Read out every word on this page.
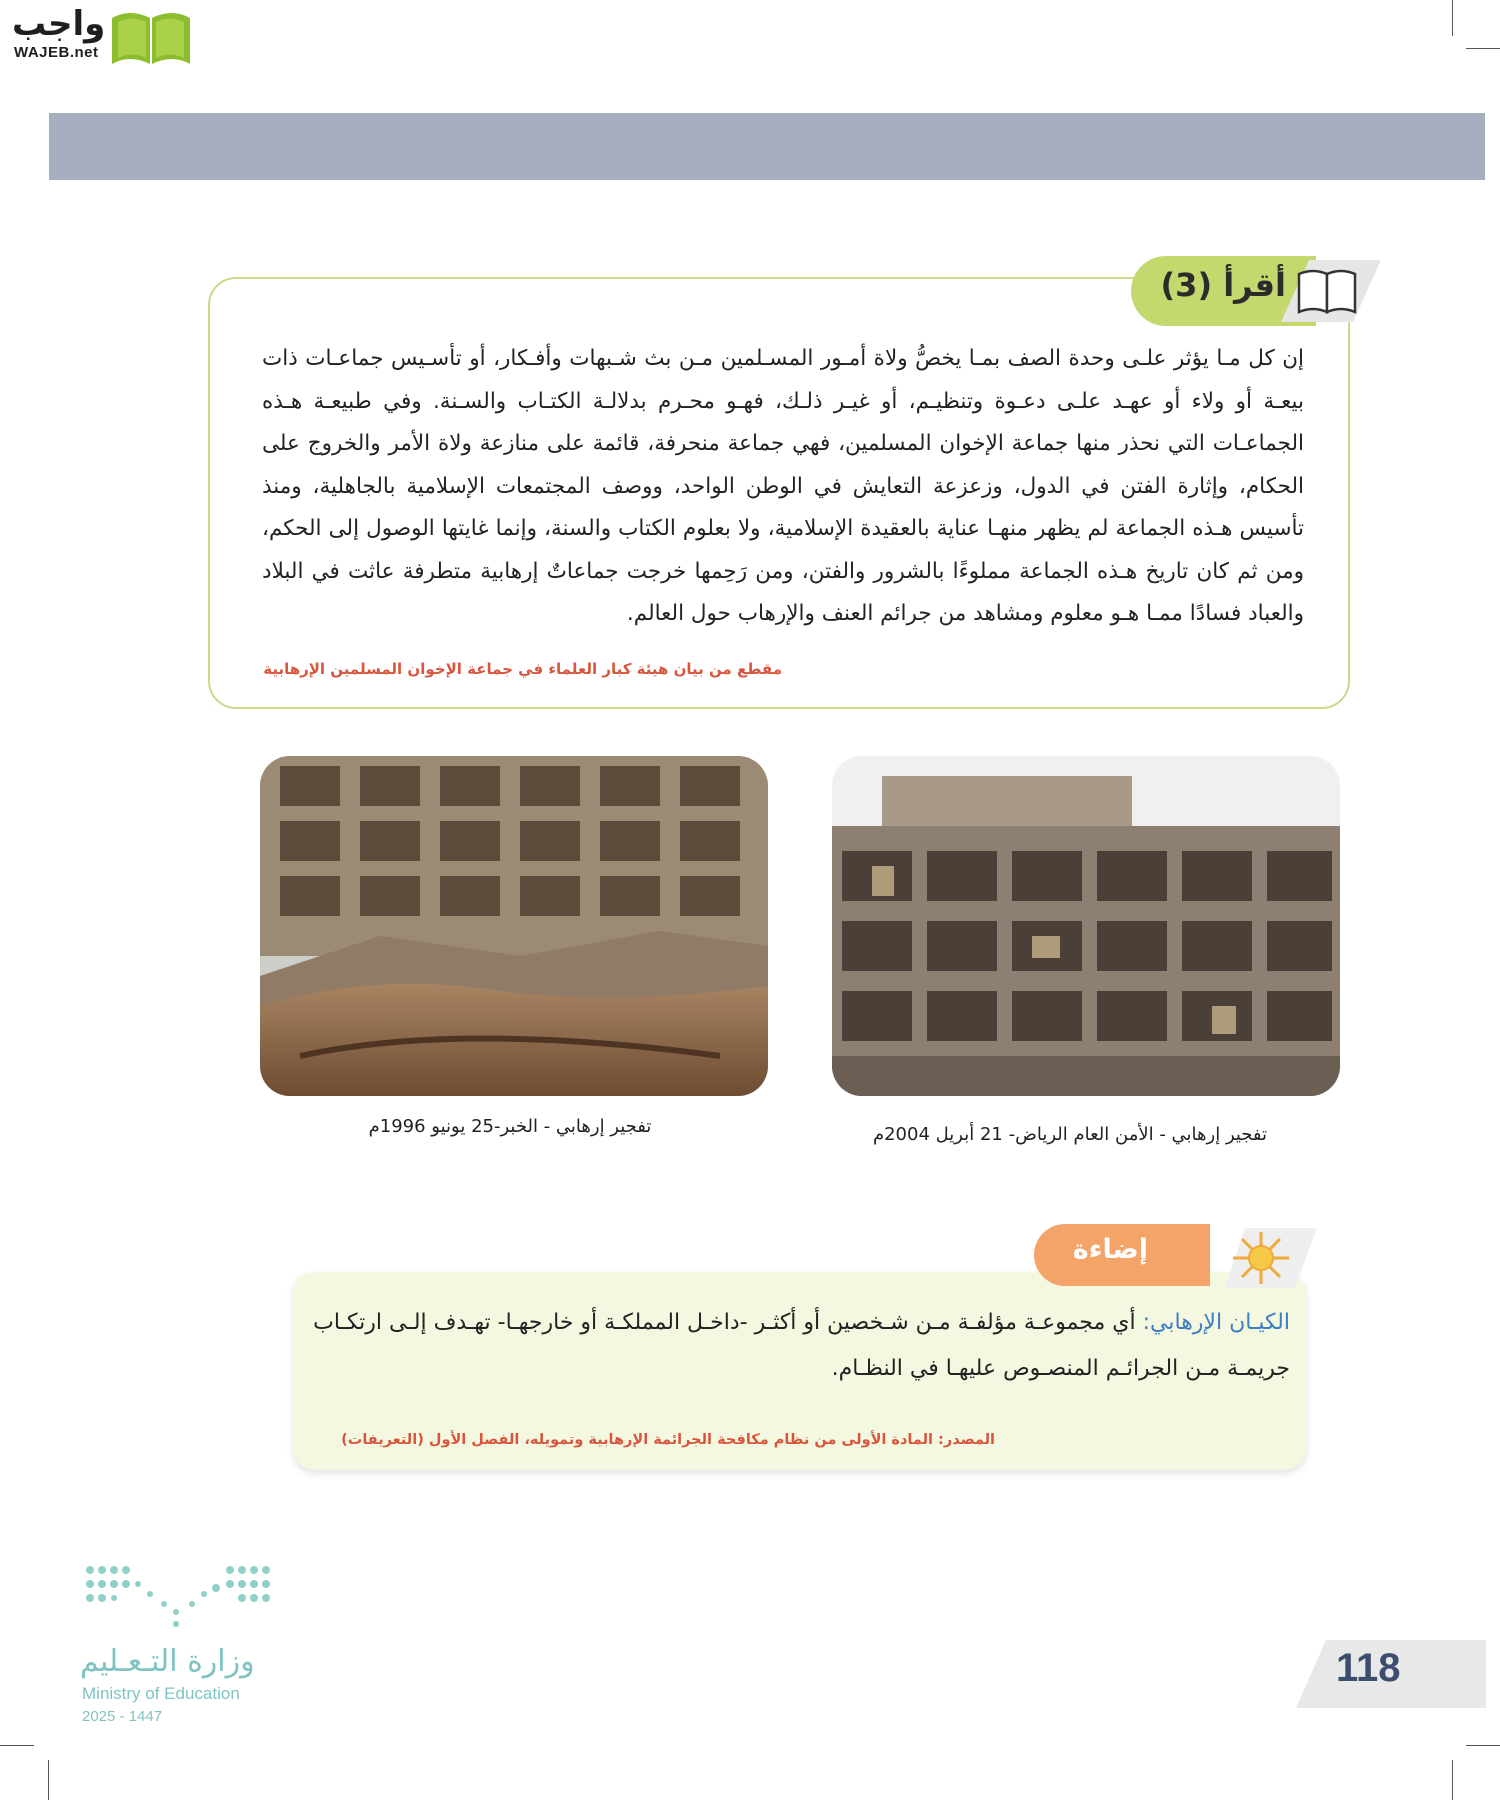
واجب
WAJEB.net
أقرأ (3)
إن كل مـا يؤثر علـى وحدة الصف بمـا يخصُّ ولاة أمـور المسـلمين مـن بث شـبهات وأفـكار، أو تأسـيس جماعـات ذات بيعـة أو ولاء أو عهـد علـى دعـوة وتنظيـم، أو غيـر ذلـك، فهـو محـرم بدلالـة الكتـاب والسـنة. وفي طبيعـة هـذه الجماعـات التي نحذر منها جماعة الإخوان المسلمين، فهي جماعة منحرفة، قائمة على منازعة ولاة الأمر والخروج على الحكام، وإثارة الفتن في الدول، وزعزعة التعايش في الوطن الواحد، ووصف المجتمعات الإسلامية بالجاهلية، ومنذ تأسيس هـذه الجماعة لم يظهر منهـا عناية بالعقيدة الإسلامية، ولا بعلوم الكتاب والسنة، وإنما غايتها الوصول إلى الحكم، ومن ثم كان تاريخ هـذه الجماعة مملوءًا بالشرور والفتن، ومن رَحِمها خرجت جماعاتٌ إرهابية متطرفة عاثت في البلاد والعباد فسادًا ممـا هـو معلوم ومشاهد من جرائم العنف والإرهاب حول العالم.
مقطع من بيان هيئة كبار العلماء في جماعة الإخوان المسلمين الإرهابية
تفجير إرهابي - الخبر-25 يونيو 1996م	تفجير إرهابي - الأمن العام الرياض- 21 أبريل 2004م
إضاءة
الكيـان الإرهابي: أي مجموعـة مؤلفـة مـن شـخصين أو أكثـر -داخـل المملكـة أو خارجهـا- تهـدف إلـى ارتكـاب جريمـة مـن الجرائـم المنصـوص عليهـا في النظـام.
المصدر: المادة الأولى من نظام مكافحة الجرائمة الإرهابية وتمويله، الفصل الأول (التعريفات)
وزارة التـعـليم
Ministry of Education
2025 - 1447
118
